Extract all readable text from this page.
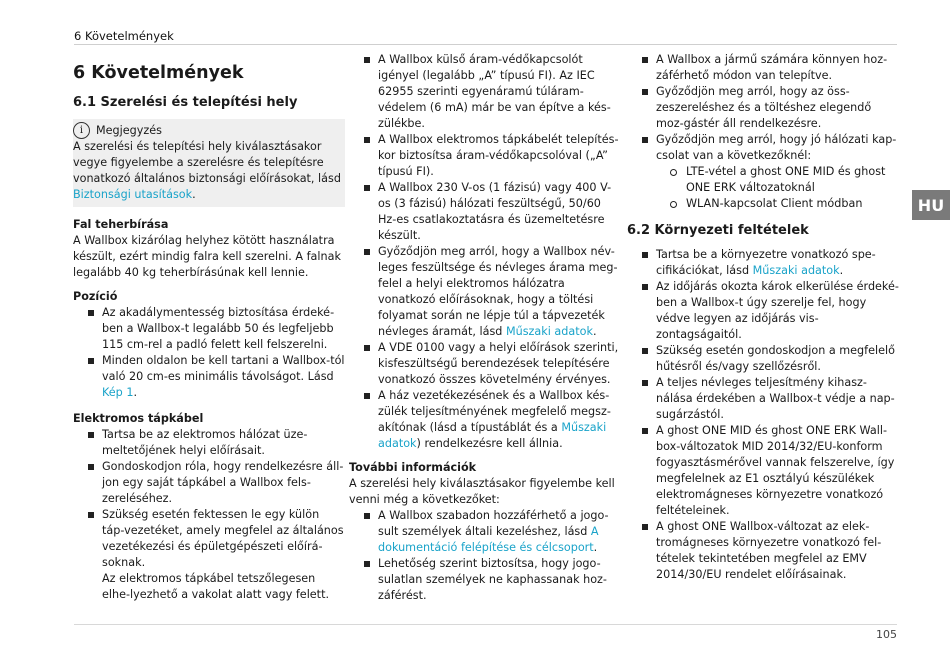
6 Követelmények
HU
6 Követelmények
6.1 Szerelési és telepítési hely
i	Megjegyzés

A szerelési és telepítési hely kiválasztásakor vegye figyelembe a szerelésre és telepítésre vonatkozó általános biztonsági előírásokat, lásd Biztonsági utasítások.

Fal teherbírása

A Wallbox kizárólag helyhez kötött használatra készült, ezért mindig falra kell szerelni. A falnak legalább 40 kg teherbírásúnak kell lennie.

Pozíció
Az akadálymentesség biztosítása érdeké-ben a Wallbox-t legalább 50 és legfeljebb 115 cm-rel a padló felett kell felszerelni.
Minden oldalon be kell tartani a Wallbox-tól való 20 cm-es minimális távolságot. Lásd Kép 1.
Elektromos tápkábel
Tartsa be az elektromos hálózat üze-meltetőjének helyi előírásait.
Gondoskodjon róla, hogy rendelkezésre áll-jon egy saját tápkábel a Wallbox fels-zereléséhez.
Szükség esetén fektessen le egy külön táp-vezetéket, amely megfelel az általános vezetékezési és épületgépészeti előírá-soknak.
Az elektromos tápkábel tetszőlegesen elhe-lyezhető a vakolat alatt vagy felett.
A Wallbox külső áram-védőkapcsolót igényel (legalább „A” típusú FI). Az IEC 62955 szerinti egyenáramú túláram-védelem (6 mA) már be van építve a kés-zülékbe.
A Wallbox elektromos tápkábelét telepítés-kor biztosítsa áram-védőkapcsolóval („A” típusú FI).
A Wallbox 230 V-os (1 fázisú) vagy 400 V-os (3 fázisú) hálózati feszültségű, 50/60 Hz-es csatlakoztatásra és üzemeltetésre készült.
Győződjön meg arról, hogy a Wallbox név-leges feszültsége és névleges árama meg-felel a helyi elektromos hálózatra vonatkozó előírásoknak, hogy a töltési folyamat során ne lépje túl a tápvezeték névleges áramát, lásd Műszaki adatok.
A VDE 0100 vagy a helyi előírások szerinti, kisfeszültségű berendezések telepítésére vonatkozó összes követelmény érvényes.
A ház vezetékezésének és a Wallbox kés-zülék teljesítményének megfelelő megsz-akítónak (lásd a típustáblát és a Műszaki adatok) rendelkezésre kell állnia.
További információk

A szerelési hely kiválasztásakor figyelembe kell venni még a következőket:

A Wallbox szabadon hozzáférhető a jogo-sult személyek általi kezeléshez, lásd A dokumentáció felépítése és célcsoport.
Lehetőség szerint biztosítsa, hogy jogo-sulatlan személyek ne kaphassanak hoz-záférést.
A Wallbox a jármű számára könnyen hoz-záférhető módon van telepítve.
Győződjön meg arról, hogy az öss-zeszereléshez és a töltéshez elegendő moz-gástér áll rendelkezésre.
Győződjön meg arról, hogy jó hálózati kap-csolat van a következőknél:
LTE-vétel a ghost ONE MID és ghost ONE ERK változatoknál
WLAN-kapcsolat Client módban
6.2 Környezeti feltételek
Tartsa be a környezetre vonatkozó spe-cifikációkat, lásd Műszaki adatok.
Az időjárás okozta károk elkerülése érdeké-ben a Wallbox-t úgy szerelje fel, hogy védve legyen az időjárás vis-zontagságaitól.
Szükség esetén gondoskodjon a megfelelő hűtésről és/vagy szellőzésről.
A teljes névleges teljesítmény kihasz-nálása érdekében a Wallbox-t védje a nap-sugárzástól.
A ghost ONE MID és ghost ONE ERK Wall-box-változatok MID 2014/32/EU-konform fogyasztásmérővel vannak felszerelve, így megfelelnek az E1 osztályú készülékek elektromágneses környezetre vonatkozó feltételeinek.
A ghost ONE Wallbox-változat az elek-tromágneses környezetre vonatkozó fel-tételek tekintetében megfelel az EMV 2014/30/EU rendelet előírásainak.
105
